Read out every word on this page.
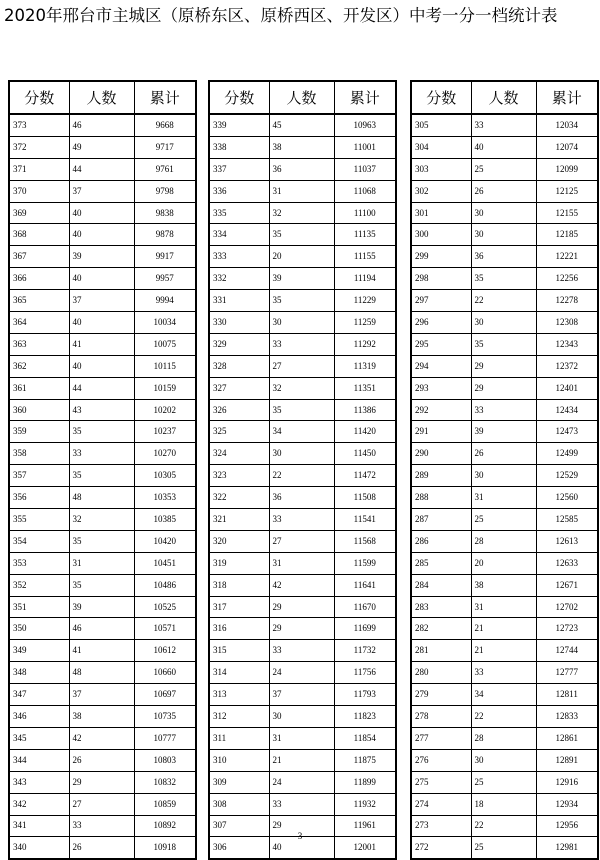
2020年邢台市主城区（原桥东区、原桥西区、开发区）中考一分一档统计表
分数	人数	累计
373	46	9668
372	49	9717
371	44	9761
370	37	9798
369	40	9838
368	40	9878
367	39	9917
366	40	9957
365	37	9994
364	40	10034
363	41	10075
362	40	10115
361	44	10159
360	43	10202
359	35	10237
358	33	10270
357	35	10305
356	48	10353
355	32	10385
354	35	10420
353	31	10451
352	35	10486
351	39	10525
350	46	10571
349	41	10612
348	48	10660
347	37	10697
346	38	10735
345	42	10777
344	26	10803
343	29	10832
342	27	10859
341	33	10892
340	26	10918
分数	人数	累计
339	45	10963
338	38	11001
337	36	11037
336	31	11068
335	32	11100
334	35	11135
333	20	11155
332	39	11194
331	35	11229
330	30	11259
329	33	11292
328	27	11319
327	32	11351
326	35	11386
325	34	11420
324	30	11450
323	22	11472
322	36	11508
321	33	11541
320	27	11568
319	31	11599
318	42	11641
317	29	11670
316	29	11699
315	33	11732
314	24	11756
313	37	11793
312	30	11823
311	31	11854
310	21	11875
309	24	11899
308	33	11932
307	29	11961
306	40	12001
分数	人数	累计
305	33	12034
304	40	12074
303	25	12099
302	26	12125
301	30	12155
300	30	12185
299	36	12221
298	35	12256
297	22	12278
296	30	12308
295	35	12343
294	29	12372
293	29	12401
292	33	12434
291	39	12473
290	26	12499
289	30	12529
288	31	12560
287	25	12585
286	28	12613
285	20	12633
284	38	12671
283	31	12702
282	21	12723
281	21	12744
280	33	12777
279	34	12811
278	22	12833
277	28	12861
276	30	12891
275	25	12916
274	18	12934
273	22	12956
272	25	12981
3
